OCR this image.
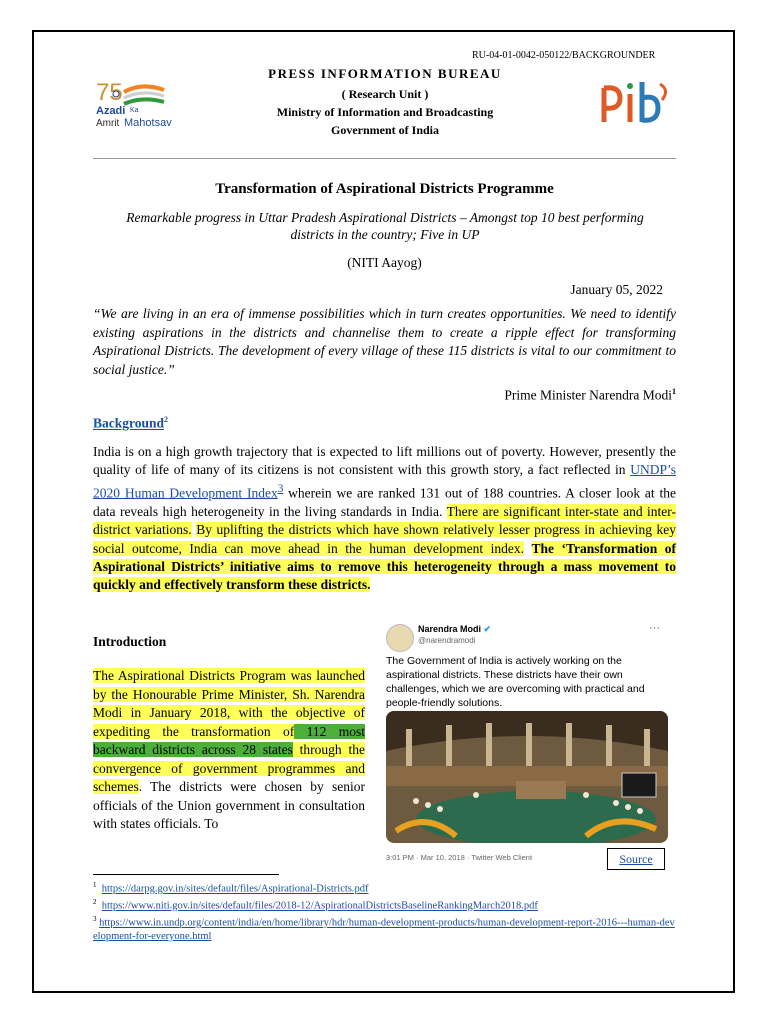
RU-04-01-0042-050122/BACKGROUNDER
75
Azadi Ka
Amrit Mahotsav
PRESS INFORMATION BUREAU
( Research Unit )
Ministry of Information and Broadcasting
Government of India
pib
Transformation of Aspirational Districts Programme
Remarkable progress in Uttar Pradesh Aspirational Districts – Amongst top 10 best performing districts in the country; Five in UP
(NITI Aayog)
January 05, 2022
“We are living in an era of immense possibilities which in turn creates opportunities. We need to identify existing aspirations in the districts and channelise them to create a ripple effect for transforming Aspirational Districts. The development of every village of these 115 districts is vital to our commitment to social justice.”
Prime Minister Narendra Modi$^1$
Background$^2$
India is on a high growth trajectory that is expected to lift millions out of poverty. However, presently the quality of life of many of its citizens is not consistent with this growth story, a fact reflected in UNDP’s 2020 Human Development Index$^3$ wherein we are ranked 131 out of 188 countries. A closer look at the data reveals high heterogeneity in the living standards in India. There are significant inter-state and inter-district variations. By uplifting the districts which have shown relatively lesser progress in achieving key social outcome, India can move ahead in the human development index. The ‘Transformation of Aspirational Districts’ initiative aims to remove this heterogeneity through a mass movement to quickly and effectively transform these districts.
Introduction
The Aspirational Districts Program was launched by the Honourable Prime Minister, Sh. Narendra Modi in January 2018, with the objective of expediting the transformation of 112 most backward districts across 28 states through the convergence of government programmes and schemes. The districts were chosen by senior officials of the Union government in consultation with states officials. To
Narendra Modi ✔
@narendramodi
···
The Government of India is actively working on the aspirational districts. These districts have their own challenges, which we are overcoming with practical and people-friendly solutions.
3:01 PM · Mar 10, 2018 · Twitter Web Client	Source
$^1$ https://darpg.gov.in/sites/default/files/Aspirational-Districts.pdf
$^2$ https://www.niti.gov.in/sites/default/files/2018-12/AspirationalDistrictsBaselineRankingMarch2018.pdf
$^3$ https://www.in.undp.org/content/india/en/home/library/hdr/human-development-products/human-development-report-2016---human-development-for-everyone.html
